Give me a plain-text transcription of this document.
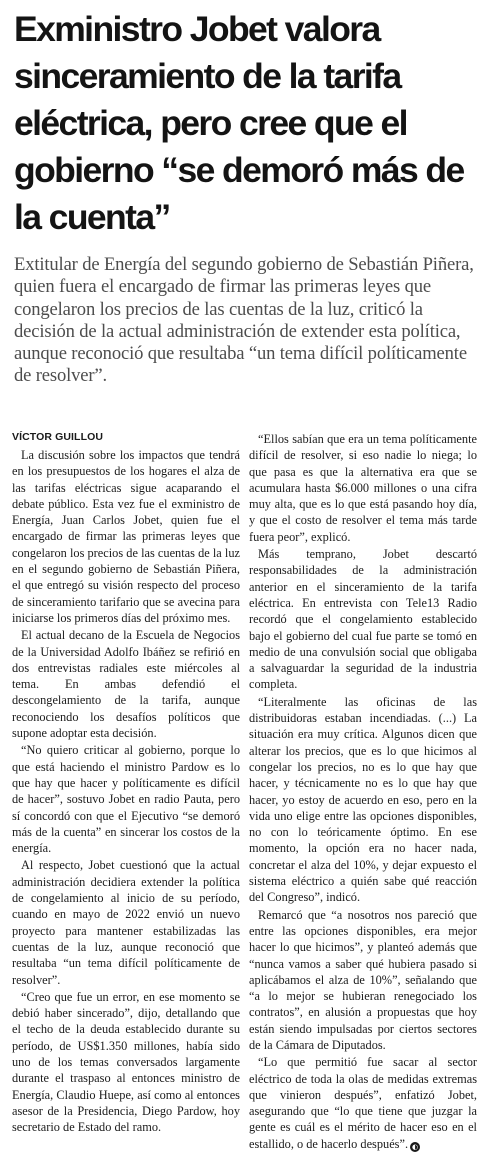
Exministro Jobet valora sinceramiento de la tarifa eléctrica, pero cree que el gobierno “se demoró más de la cuenta”

Extitular de Energía del segundo gobierno de Sebastián Piñera, quien fuera el encargado de firmar las primeras leyes que congelaron los precios de las cuentas de la luz, criticó la decisión de la actual administración de extender esta política, aunque reconoció que resultaba “un tema difícil políticamente de resolver”.

VÍCTOR GUILLOU

La discusión sobre los impactos que tendrá en los presupuestos de los hogares el alza de las tarifas eléctricas sigue acaparando el debate público. Esta vez fue el exministro de Energía, Juan Carlos Jobet, quien fue el encargado de firmar las primeras leyes que congelaron los precios de las cuentas de la luz en el segundo gobierno de Sebastián Piñera, el que entregó su visión respecto del proceso de sinceramiento tarifario que se avecina para iniciarse los primeros días del próximo mes.

El actual decano de la Escuela de Negocios de la Universidad Adolfo Ibáñez se refirió en dos entrevistas radiales este miércoles al tema. En ambas defendió el descongelamiento de la tarifa, aunque reconociendo los desafíos políticos que supone adoptar esta decisión.

“No quiero criticar al gobierno, porque lo que está haciendo el ministro Pardow es lo que hay que hacer y políticamente es difícil de hacer”, sostuvo Jobet en radio Pauta, pero sí concordó con que el Ejecutivo “se demoró más de la cuenta” en sincerar los costos de la energía.

Al respecto, Jobet cuestionó que la actual administración decidiera extender la política de congelamiento al inicio de su período, cuando en mayo de 2022 envió un nuevo proyecto para mantener estabilizadas las cuentas de la luz, aunque reconoció que resultaba “un tema difícil políticamente de resolver”.

“Creo que fue un error, en ese momento se debió haber sincerado”, dijo, detallando que el techo de la deuda establecido durante su período, de US$1.350 millones, había sido uno de los temas conversados largamente durante el traspaso al entonces ministro de Energía, Claudio Huepe, así como al entonces asesor de la Presidencia, Diego Pardow, hoy secretario de Estado del ramo.

“Ellos sabían que era un tema políticamente difícil de resolver, si eso nadie lo niega; lo que pasa es que la alternativa era que se acumulara hasta $6.000 millones o una cifra muy alta, que es lo que está pasando hoy día, y que el costo de resolver el tema más tarde fuera peor”, explicó.

Más temprano, Jobet descartó responsabilidades de la administración anterior en el sinceramiento de la tarifa eléctrica. En entrevista con Tele13 Radio recordó que el congelamiento establecido bajo el gobierno del cual fue parte se tomó en medio de una convulsión social que obligaba a salvaguardar la seguridad de la industria completa.

“Literalmente las oficinas de las distribuidoras estaban incendiadas. (...) La situación era muy crítica. Algunos dicen que alterar los precios, que es lo que hicimos al congelar los precios, no es lo que hay que hacer, y técnicamente no es lo que hay que hacer, yo estoy de acuerdo en eso, pero en la vida uno elige entre las opciones disponibles, no con lo teóricamente óptimo. En ese momento, la opción era no hacer nada, concretar el alza del 10%, y dejar expuesto el sistema eléctrico a quién sabe qué reacción del Congreso”, indicó.

Remarcó que “a nosotros nos pareció que entre las opciones disponibles, era mejor hacer lo que hicimos”, y planteó además que “nunca vamos a saber qué hubiera pasado si aplicábamos el alza de 10%”, señalando que “a lo mejor se hubieran renegociado los contratos”, en alusión a propuestas que hoy están siendo impulsadas por ciertos sectores de la Cámara de Diputados.

“Lo que permitió fue sacar al sector eléctrico de toda la olas de medidas extremas que vinieron después”, enfatizó Jobet, asegurando que “lo que tiene que juzgar la gente es cuál es el mérito de hacer eso en el estallido, o de hacerlo después”. ◐
